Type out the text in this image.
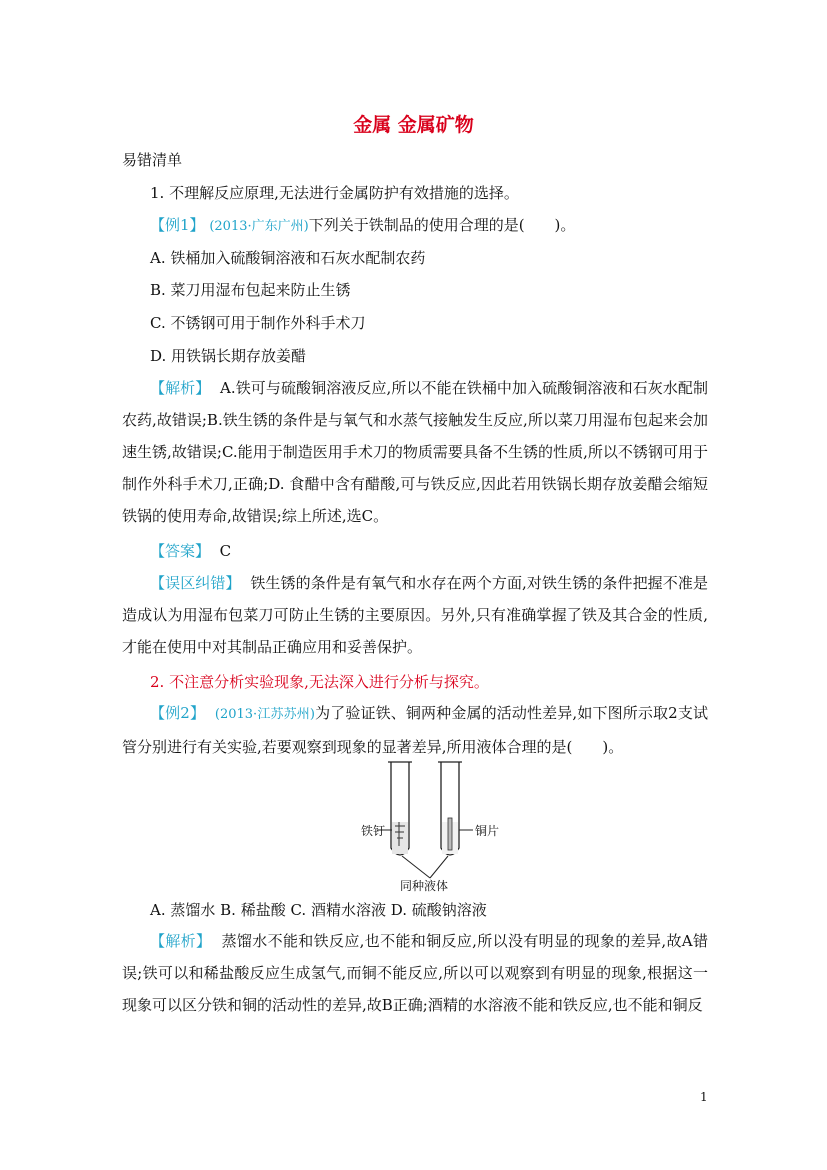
金属 金属矿物
易错清单
1. 不理解反应原理,无法进行金属防护有效措施的选择。
【例1】 (2013·广东广州)下列关于铁制品的使用合理的是(　　)。
A. 铁桶加入硫酸铜溶液和石灰水配制农药
B. 菜刀用湿布包起来防止生锈
C. 不锈钢可用于制作外科手术刀
D. 用铁锅长期存放姜醋
【解析】 A.铁可与硫酸铜溶液反应,所以不能在铁桶中加入硫酸铜溶液和石灰水配制农药,故错误;B.铁生锈的条件是与氧气和水蒸气接触发生反应,所以菜刀用湿布包起来会加速生锈,故错误;C.能用于制造医用手术刀的物质需要具备不生锈的性质,所以不锈钢可用于制作外科手术刀,正确;D. 食醋中含有醋酸,可与铁反应,因此若用铁锅长期存放姜醋会缩短铁锅的使用寿命,故错误;综上所述,选C。
【答案】 C
【误区纠错】 铁生锈的条件是有氧气和水存在两个方面,对铁生锈的条件把握不准是造成认为用湿布包菜刀可防止生锈的主要原因。另外,只有准确掌握了铁及其合金的性质,才能在使用中对其制品正确应用和妥善保护。
2. 不注意分析实验现象,无法深入进行分析与探究。
【例2】 (2013·江苏苏州)为了验证铁、铜两种金属的活动性差异,如下图所示取2支试管分别进行有关实验,若要观察到现象的显著差异,所用液体合理的是(　　)。
铁钉	铜片
同种液体
A. 蒸馏水 B. 稀盐酸 C. 酒精水溶液 D. 硫酸钠溶液
【解析】 蒸馏水不能和铁反应,也不能和铜反应,所以没有明显的现象的差异,故A错误;铁可以和稀盐酸反应生成氢气,而铜不能反应,所以可以观察到有明显的现象,根据这一现象可以区分铁和铜的活动性的差异,故B正确;酒精的水溶液不能和铁反应,也不能和铜反
1
